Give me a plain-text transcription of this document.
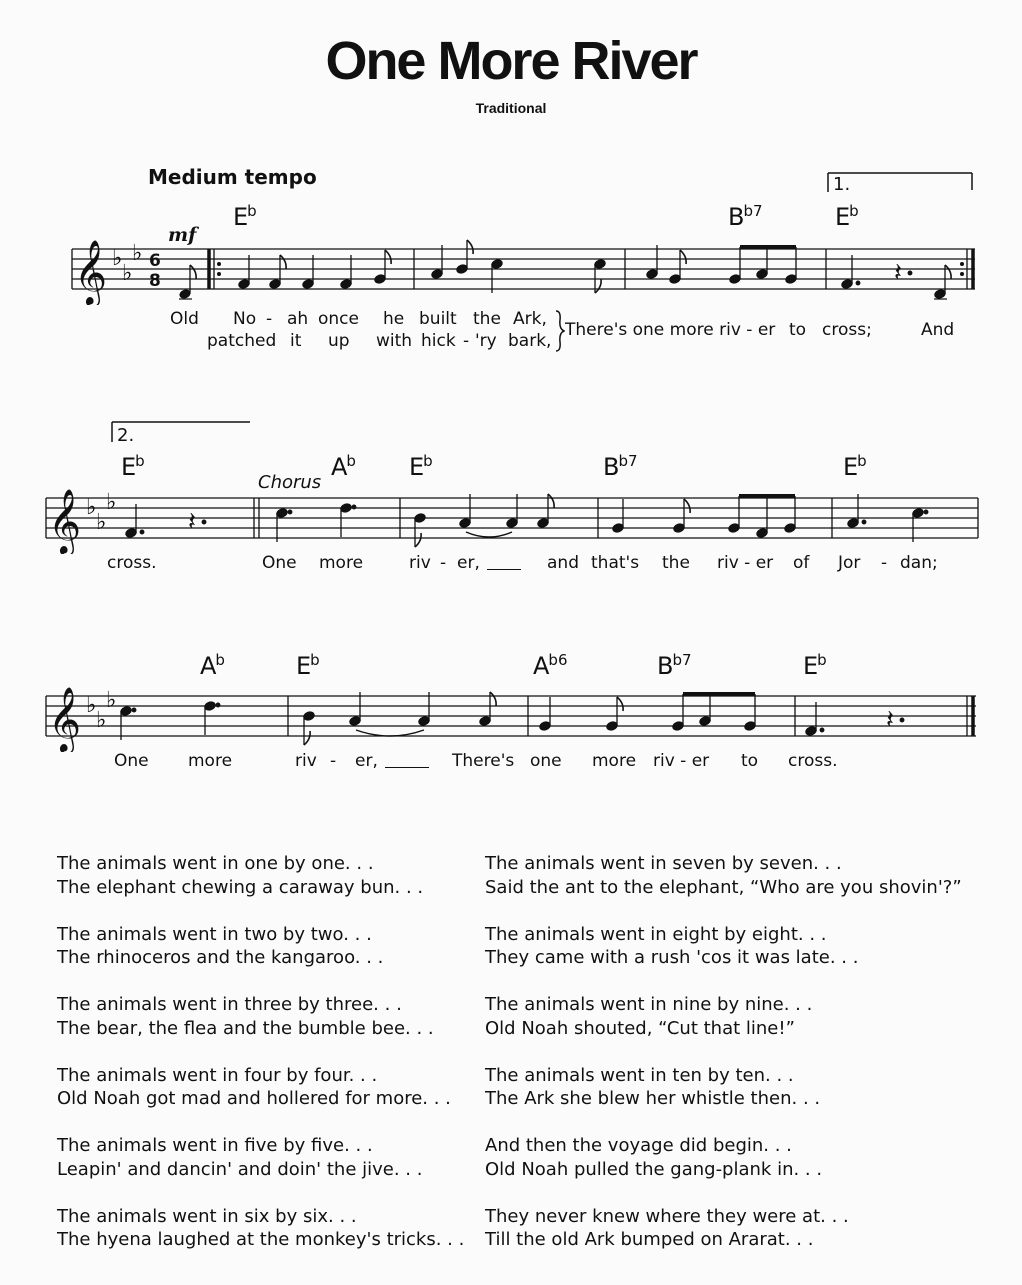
One More River
Traditional
Medium tempo
𝄞 ♭
♭
♭ 6
8	𝄽
1.
mf
$E^b$	$B^{b7}$	$E^b$
Old No - ah once he built the Ark,
patched it up with hick - 'ry bark,
There's one more riv - er to cross;	And
2.
$E^b$
Chorus
$A^b$ $E^b$	$B^{b7}$	$E^b$
𝄞 ♭
♭
♭
𝄽
cross.	One more	riv - er,	and that's the riv - er of Jor - dan;
$A^b$	$E^b$	$A^{b6}$	$B^{b7}$	$E^b$
𝄞 ♭
♭
♭
𝄽
One more	riv - er,	There's one more riv - er to cross.
The animals went in one by one. . .
The elephant chewing a caraway bun. . .
The animals went in two by two. . .
The rhinoceros and the kangaroo. . .
The animals went in three by three. . .
The bear, the flea and the bumble bee. . .
The animals went in four by four. . .
Old Noah got mad and hollered for more. . .
The animals went in five by five. . .
Leapin' and dancin' and doin' the jive. . .
The animals went in six by six. . .
The hyena laughed at the monkey's tricks. . .
The animals went in seven by seven. . .
Said the ant to the elephant, “Who are you shovin'?”
The animals went in eight by eight. . .
They came with a rush 'cos it was late. . .
The animals went in nine by nine. . .
Old Noah shouted, “Cut that line!”
The animals went in ten by ten. . .
The Ark she blew her whistle then. . .
And then the voyage did begin. . .
Old Noah pulled the gang-plank in. . .
They never knew where they were at. . .
Till the old Ark bumped on Ararat. . .
